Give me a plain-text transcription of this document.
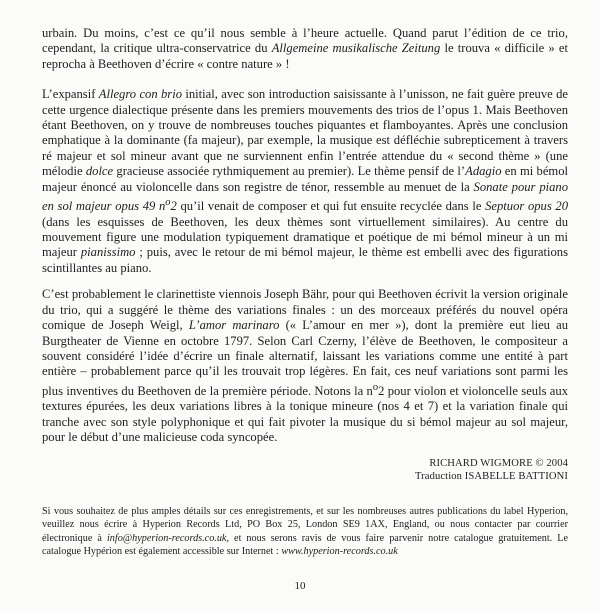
urbain. Du moins, c’est ce qu’il nous semble à l’heure actuelle. Quand parut l’édition de ce trio, cependant, la critique ultra-conservatrice du Allgemeine musikalische Zeitung le trouva « difficile » et reprocha à Beethoven d’écrire « contre nature » !

L’expansif Allegro con brio initial, avec son introduction saisissante à l’unisson, ne fait guère preuve de cette urgence dialectique présente dans les premiers mouvements des trios de l’opus 1. Mais Beethoven étant Beethoven, on y trouve de nombreuses touches piquantes et flamboyantes. Après une conclusion emphatique à la dominante (fa majeur), par exemple, la musique est défléchie subrepticement à travers ré majeur et sol mineur avant que ne surviennent enfin l’entrée attendue du « second thème » (une mélodie dolce gracieuse associée rythmiquement au premier). Le thème pensif de l’Adagio en mi bémol majeur énoncé au violoncelle dans son registre de ténor, ressemble au menuet de la Sonate pour piano en sol majeur opus 49 $n^o2$ qu’il venait de composer et qui fut ensuite recyclée dans le Septuor opus 20 (dans les esquisses de Beethoven, les deux thèmes sont virtuellement similaires). Au centre du mouvement figure une modulation typiquement dramatique et poétique de mi bémol mineur à un mi majeur pianissimo ; puis, avec le retour de mi bémol majeur, le thème est embelli avec des figurations scintillantes au piano.

C’est probablement le clarinettiste viennois Joseph Bähr, pour qui Beethoven écrivit la version originale du trio, qui a suggéré le thème des variations finales : un des morceaux préférés du nouvel opéra comique de Joseph Weigl, L’amor marinaro (« L’amour en mer »), dont la première eut lieu au Burgtheater de Vienne en octobre 1797. Selon Carl Czerny, l’élève de Beethoven, le compositeur a souvent considéré l’idée d’écrire un finale alternatif, laissant les variations comme une entité à part entière – probablement parce qu’il les trouvait trop légères. En fait, ces neuf variations sont parmi les plus inventives du Beethoven de la première période. Notons la $n^o2$ pour violon et violoncelle seuls aux textures épurées, les deux variations libres à la tonique mineure (nos 4 et 7) et la variation finale qui tranche avec son style polyphonique et qui fait pivoter la musique du si bémol majeur au sol majeur, pour le début d’une malicieuse coda syncopée.

RICHARD WIGMORE © 2004
Traduction ISABELLE BATTIONI
Si vous souhaitez de plus amples détails sur ces enregistrements, et sur les nombreuses autres publications du label Hyperion, veuillez nous écrire à Hyperion Records Ltd, PO Box 25, London SE9 1AX, England, ou nous contacter par courrier électronique à info@hyperion-records.co.uk, et nous serons ravis de vous faire parvenir notre catalogue gratuitement. Le catalogue Hypérion est également accessible sur Internet : www.hyperion-records.co.uk
10
